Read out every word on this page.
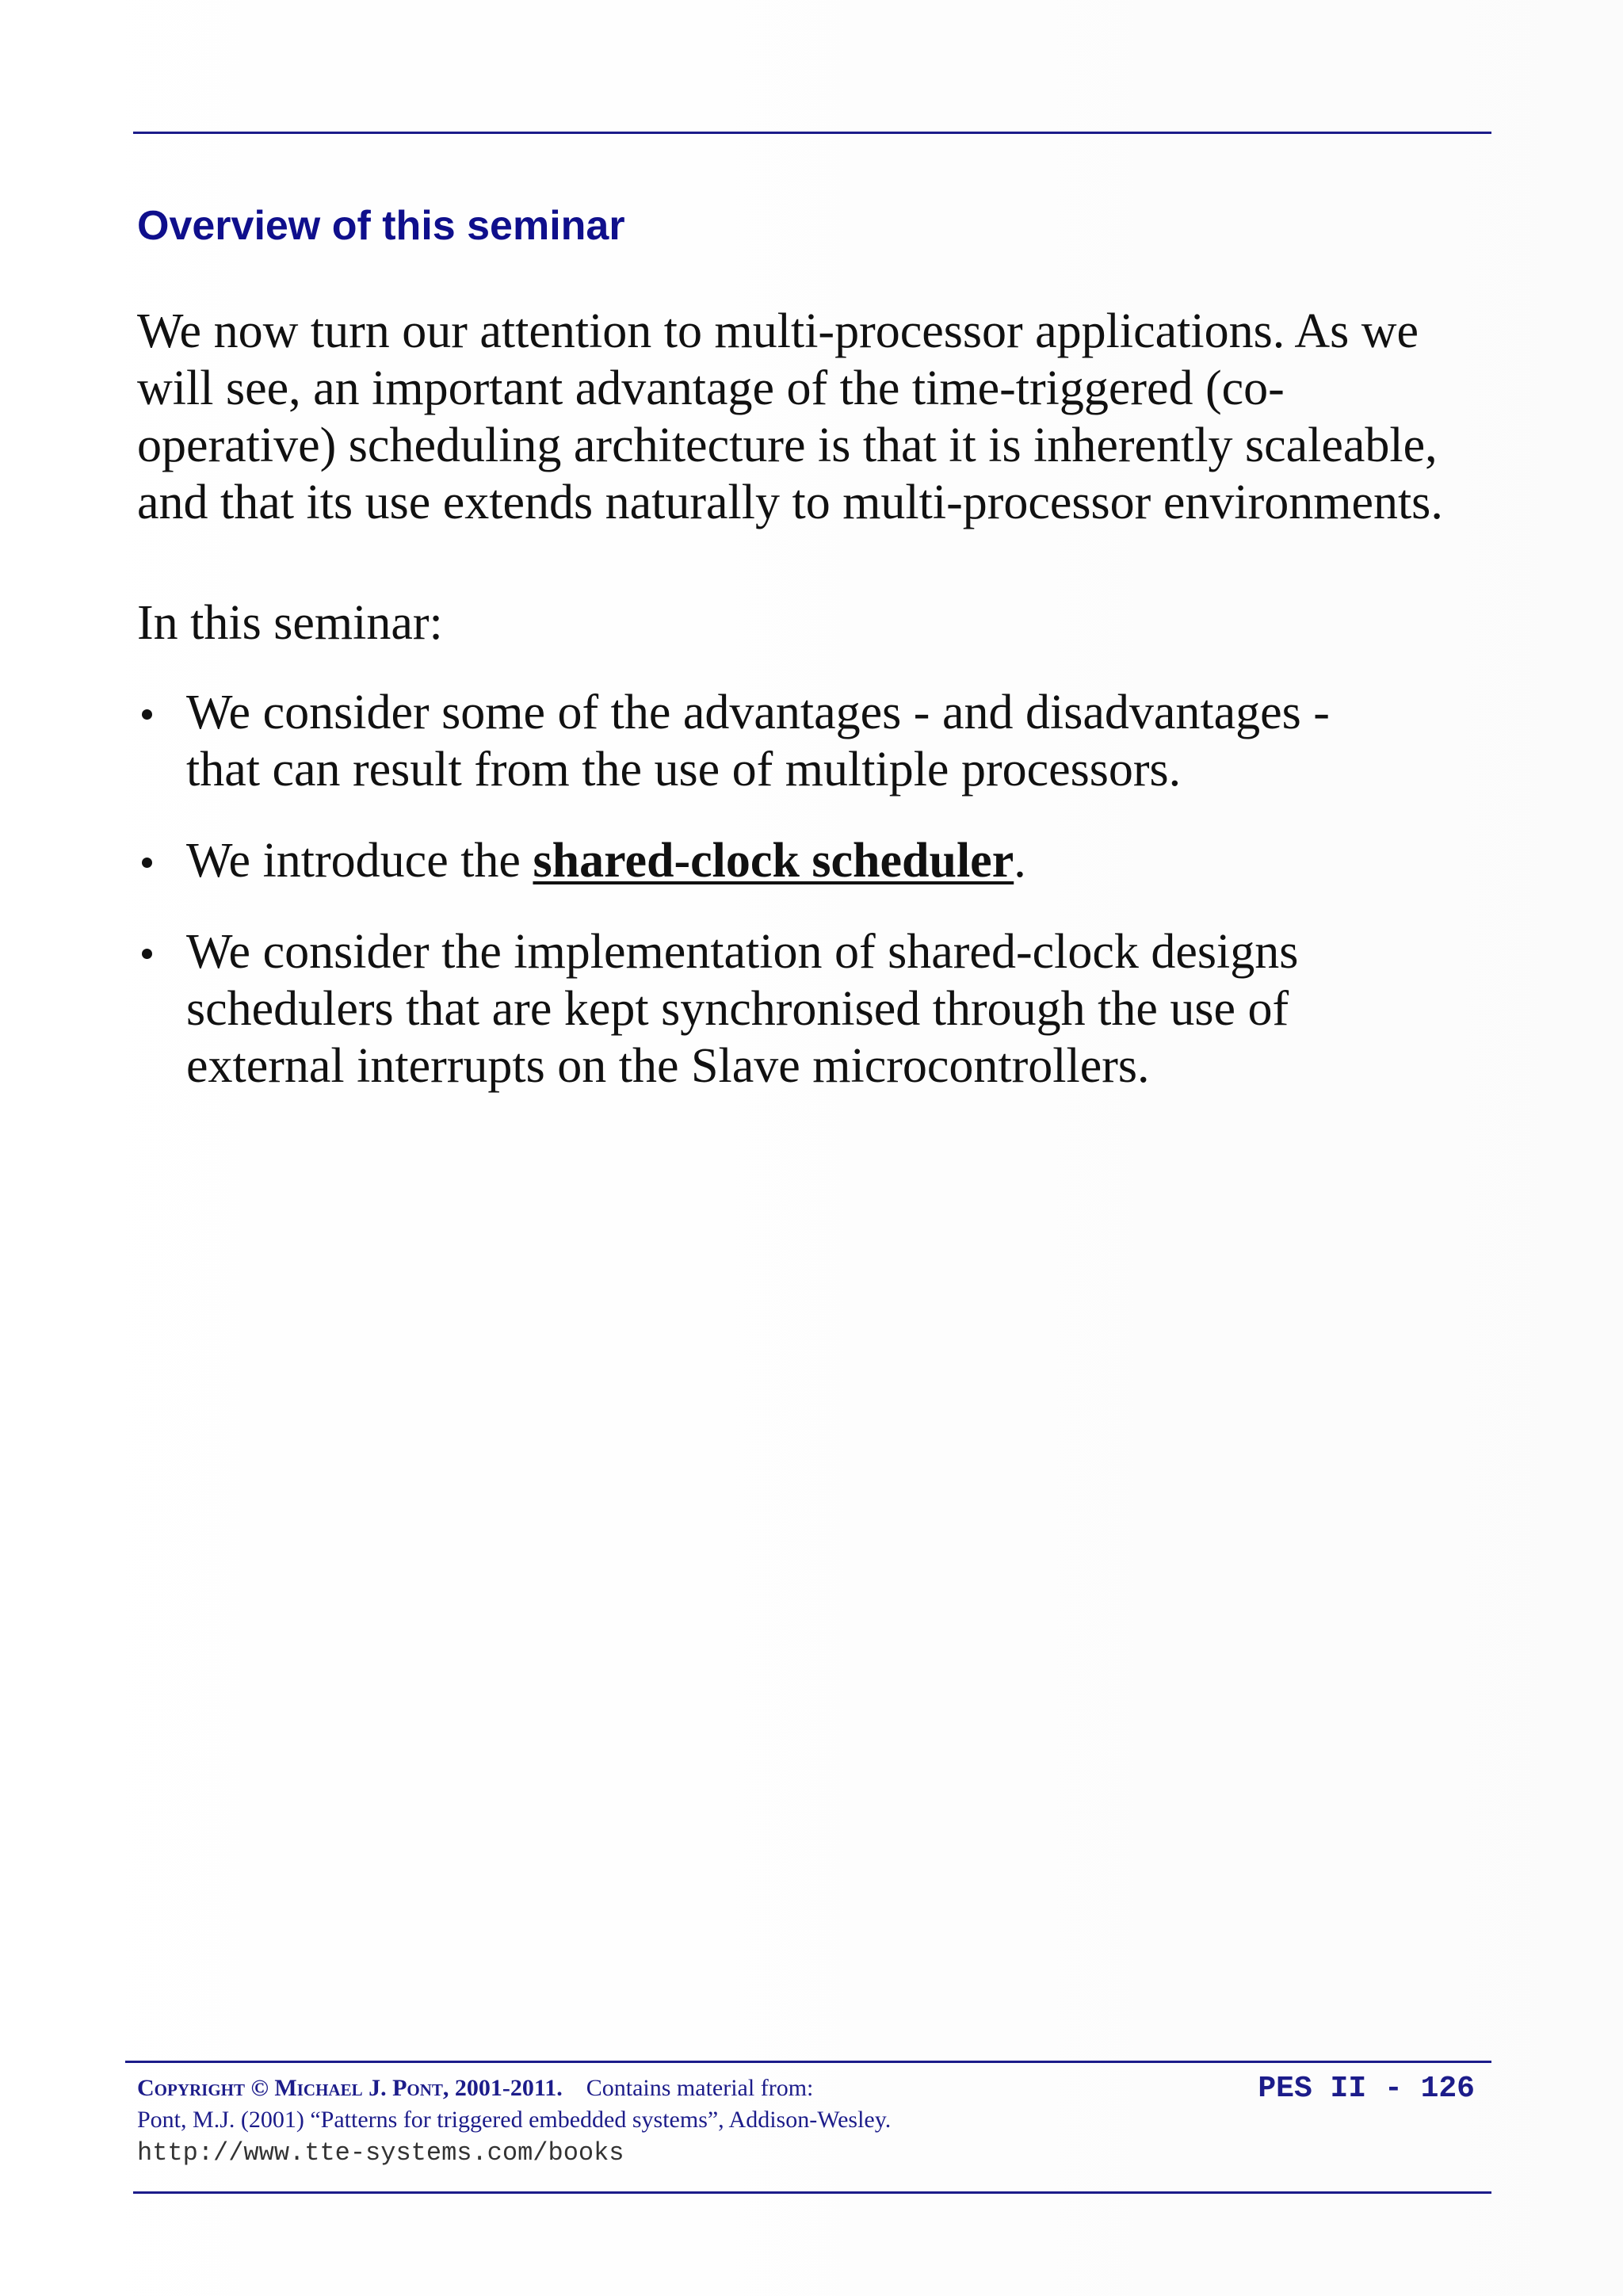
Overview of this seminar

We now turn our attention to multi-processor applications. As we
will see, an important advantage of the time-triggered (co-
operative) scheduling architecture is that it is inherently scaleable,
and that its use extends naturally to multi-processor environments.

In this seminar:

We consider some of the advantages - and disadvantages -
that can result from the use of multiple processors.
We introduce the shared-clock scheduler.
We consider the implementation of shared-clock designs
schedulers that are kept synchronised through the use of
external interrupts on the Slave microcontrollers.
Copyright © Michael J. Pont, 2001-2011. Contains material from:
Pont, M.J. (2001) “Patterns for triggered embedded systems”, Addison-Wesley.
http://www.tte-systems.com/books
PES II - 126
